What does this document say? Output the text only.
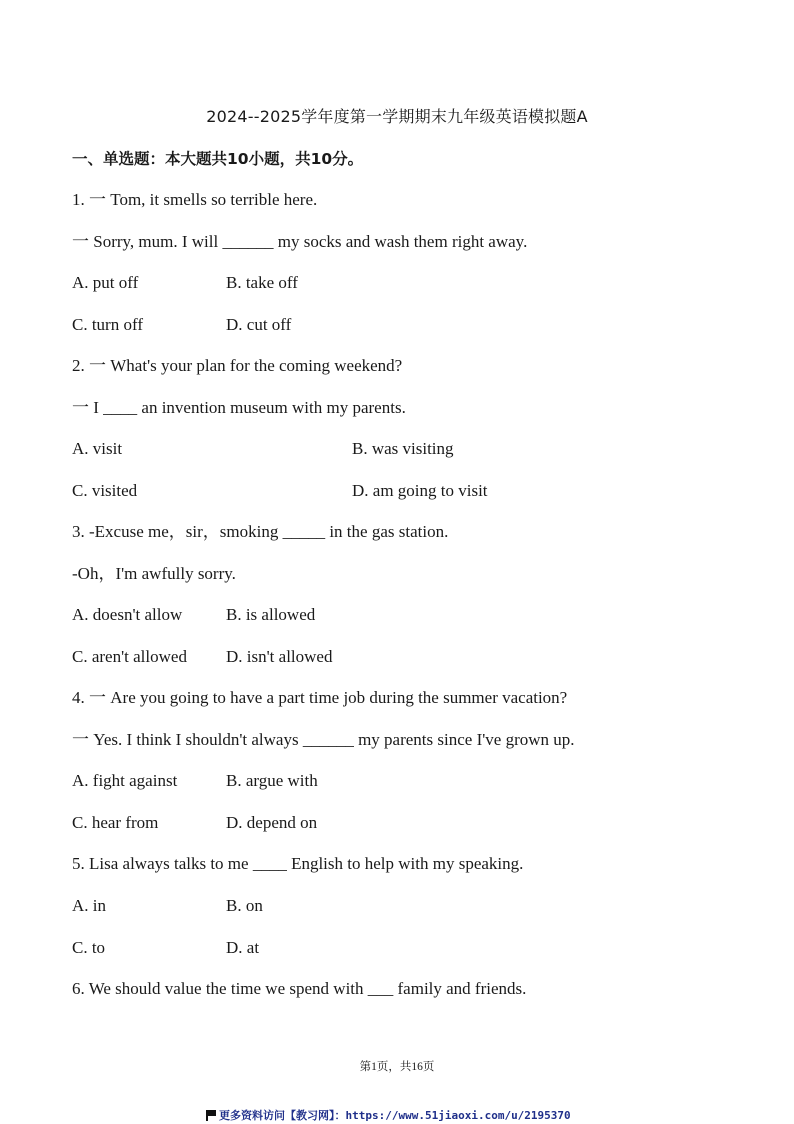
2024--2025学年度第一学期期末九年级英语模拟题A
一、单选题：本大题共10小题，共10分。
1. 一 Tom, it smells so terrible here.
一 Sorry, mum. I will ______ my socks and wash them right away.
A. put off	B. take off
C. turn off	D. cut off
2. 一 What's your plan for the coming weekend?
一 I ____ an invention museum with my parents.
A. visit	B. was visiting
C. visited	D. am going to visit
3. -Excuse me，sir，smoking _____ in the gas station.
-Oh，I'm awfully sorry.
A. doesn't allow	B. is allowed
C. aren't allowed D. isn't allowed
4. 一 Are you going to have a part time job during the summer vacation?
一 Yes. I think I shouldn't always ______ my parents since I've grown up.
A. fight against	B. argue with
C. hear from	D. depend on
5. Lisa always talks to me ____ English to help with my speaking.
A. in	B. on
C. to	D. at
6. We should value the time we spend with ___ family and friends.
第1页，共16页
更多资料访问【教习网】：https://www.51jiaoxi.com/u/2195370
